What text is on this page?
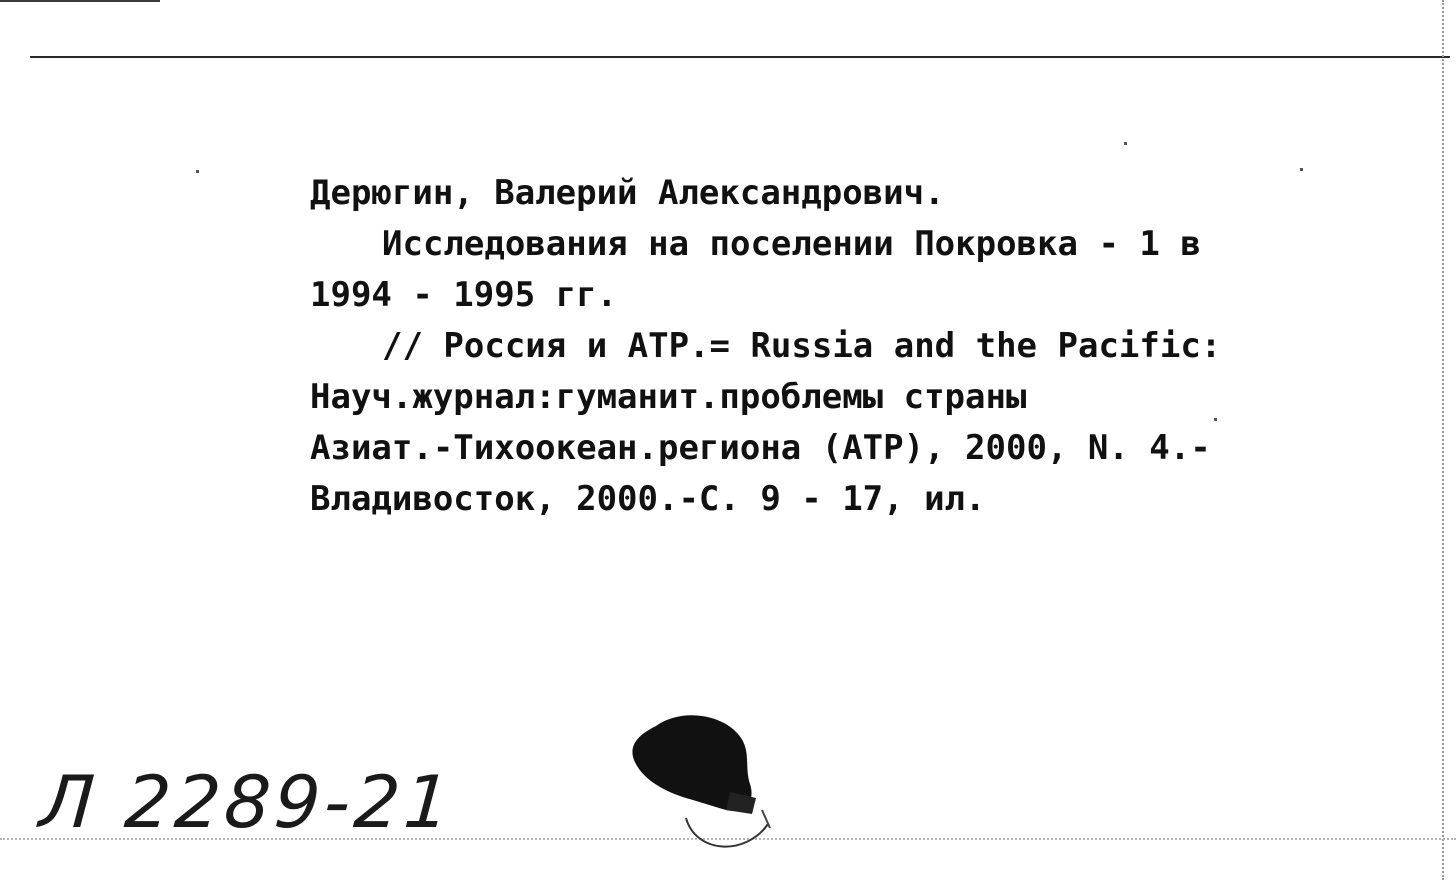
Дерюгин, Валерий Александрович.
Исследования на поселении Покровка - 1 в
1994 - 1995 гг.
// Россия и АТР.= Russia and the Pacific:
Науч.журнал:гуманит.проблемы страны
Азиат.-Тихоокеан.региона (АТР), 2000, N. 4.-
Владивосток, 2000.-С. 9 - 17, ил.
Л 2289-21
